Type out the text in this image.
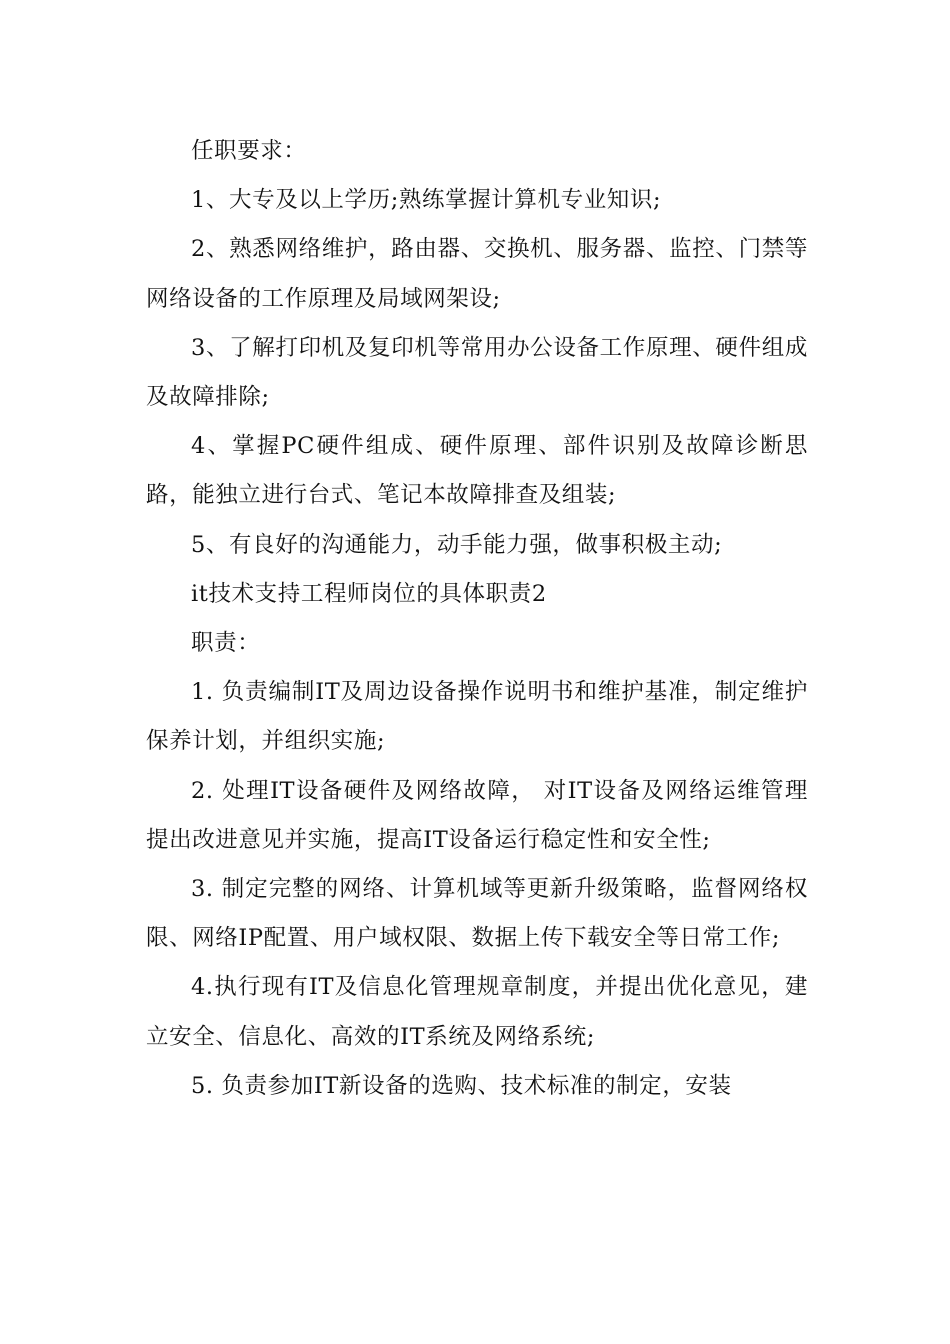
任职要求：

1、大专及以上学历;熟练掌握计算机专业知识;

2、熟悉网络维护，路由器、交换机、服务器、监控、门禁等网络设备的工作原理及局域网架设;

3、了解打印机及复印机等常用办公设备工作原理、硬件组成及故障排除;

4、掌握PC硬件组成、硬件原理、部件识别及故障诊断思路，能独立进行台式、笔记本故障排查及组装;

5、有良好的沟通能力，动手能力强，做事积极主动;

it技术支持工程师岗位的具体职责2

职责：

1. 负责编制IT及周边设备操作说明书和维护基准，制定维护保养计划，并组织实施;

2. 处理IT设备硬件及网络故障， 对IT设备及网络运维管理提出改进意见并实施，提高IT设备运行稳定性和安全性;

3. 制定完整的网络、计算机域等更新升级策略，监督网络权限、网络IP配置、用户域权限、数据上传下载安全等日常工作;

4.执行现有IT及信息化管理规章制度，并提出优化意见，建立安全、信息化、高效的IT系统及网络系统;

5. 负责参加IT新设备的选购、技术标准的制定，安装
